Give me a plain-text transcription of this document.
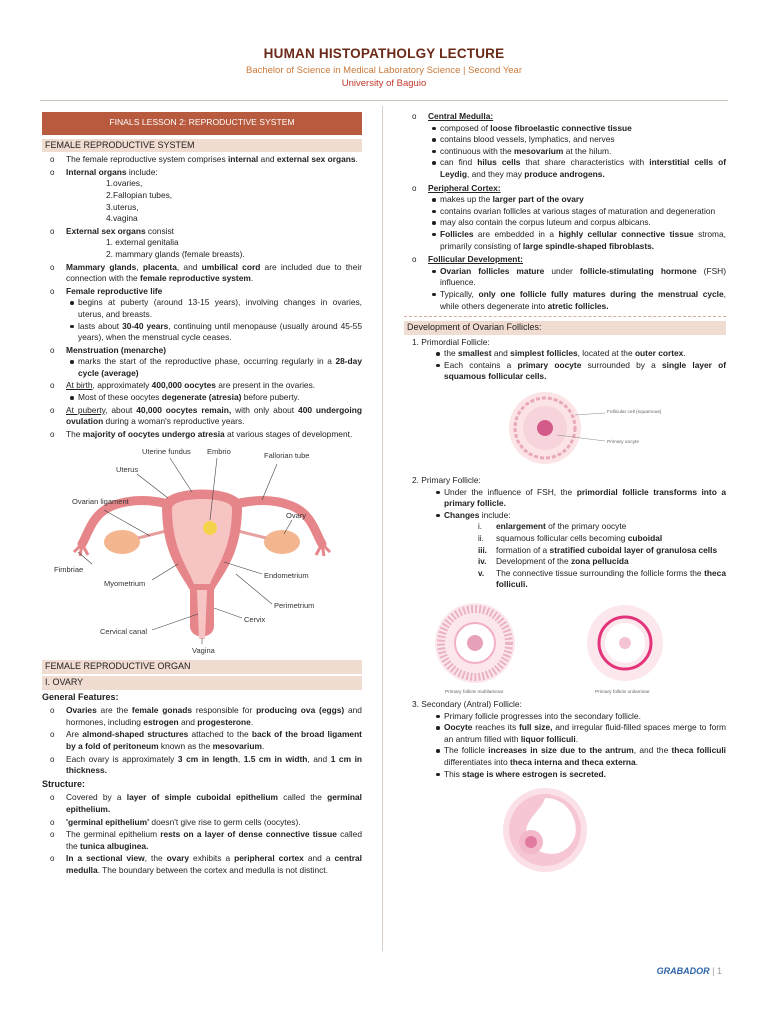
HUMAN HISTOPATHOLGY LECTURE
Bachelor of Science in Medical Laboratory Science | Second Year
University of Baguio
FINALS LESSON 2: REPRODUCTIVE SYSTEM
FEMALE REPRODUCTIVE SYSTEM
o The female reproductive system comprises internal and external sex organs.
o Internal organs include:
1.ovaries,
2.Fallopian tubes,
3.uterus,
4.vagina
o External sex organs consist
1. external genitalia
2. mammary glands (female breasts).
o Mammary glands, placenta, and umbilical cord are included due to their connection with the female reproductive system.
o Female reproductive life
begins at puberty (around 13-15 years), involving changes in ovaries, uterus, and breasts.
lasts about 30-40 years, continuing until menopause (usually around 45-55 years), when the menstrual cycle ceases.
o Menstruation (menarche)
marks the start of the reproductive phase, occurring regularly in a 28-day cycle (average)
o At birth, approximately 400,000 oocytes are present in the ovaries.
Most of these oocytes degenerate (atresia) before puberty.
o At puberty, about 40,000 oocytes remain, with only about 400 undergoing ovulation during a woman's reproductive years.
o The majority of oocytes undergo atresia at various stages of development.
Uterine fundus Embrio	Fallorian tube
Uterus
Ovarian ligament
Ovary
Fimbriae
Myometrium
Endometrium
Perimetrium
Cervix
Cervical canal
Vagina
FEMALE REPRODUCTIVE ORGAN
I. OVARY
General Features:
o Ovaries are the female gonads responsible for producing ova (eggs) and hormones, including estrogen and progesterone.
o Are almond-shaped structures attached to the back of the broad ligament by a fold of peritoneum known as the mesovarium.
o Each ovary is approximately 3 cm in length, 1.5 cm in width, and 1 cm in thickness.
Structure:
o Covered by a layer of simple cuboidal epithelium called the germinal epithelium.
o 'germinal epithelium' doesn't give rise to germ cells (oocytes).
o The germinal epithelium rests on a layer of dense connective tissue called the tunica albuginea.
o In a sectional view, the ovary exhibits a peripheral cortex and a central medulla. The boundary between the cortex and medulla is not distinct.
o Central Medulla:
composed of loose fibroelastic connective tissue
contains blood vessels, lymphatics, and nerves
continuous with the mesovarium at the hilum.
can find hilus cells that share characteristics with interstitial cells of Leydig, and they may produce androgens.
o Peripheral Cortex:
makes up the larger part of the ovary
contains ovarian follicles at various stages of maturation and degeneration
may also contain the corpus luteum and corpus albicans.
Follicles are embedded in a highly cellular connective tissue stroma, primarily consisting of large spindle-shaped fibroblasts.
o Follicular Development:
Ovarian follicles mature under follicle-stimulating hormone (FSH) influence.
Typically, only one follicle fully matures during the menstrual cycle, while others degenerate into atretic follicles.
Development of Ovarian Follicles:
1. Primordial Follicle:
the smallest and simplest follicles, located at the outer cortex.
Each contains a primary oocyte surrounded by a single layer of squamous follicular cells.
Follicular cell (squamous)
Primary oocyte
2. Primary Follicle:
Under the influence of FSH, the primordial follicle transforms into a primary follicle.
Changes include:
i. enlargement of the primary oocyte
ii. squamous follicular cells becoming cuboidal
iii. formation of a stratified cuboidal layer of granulosa cells
iv. Development of the zona pellucida
v. The connective tissue surrounding the follicle forms the theca folliculi.
Primary follicle multilaminar	Primary follicle unilaminar
3. Secondary (Antral) Follicle:
Primary follicle progresses into the secondary follicle.
Oocyte reaches its full size, and irregular fluid-filled spaces merge to form an antrum filled with liquor folliculi.
The follicle increases in size due to the antrum, and the theca folliculi differentiates into theca interna and theca externa.
This stage is where estrogen is secreted.
GRABADOR | 1
